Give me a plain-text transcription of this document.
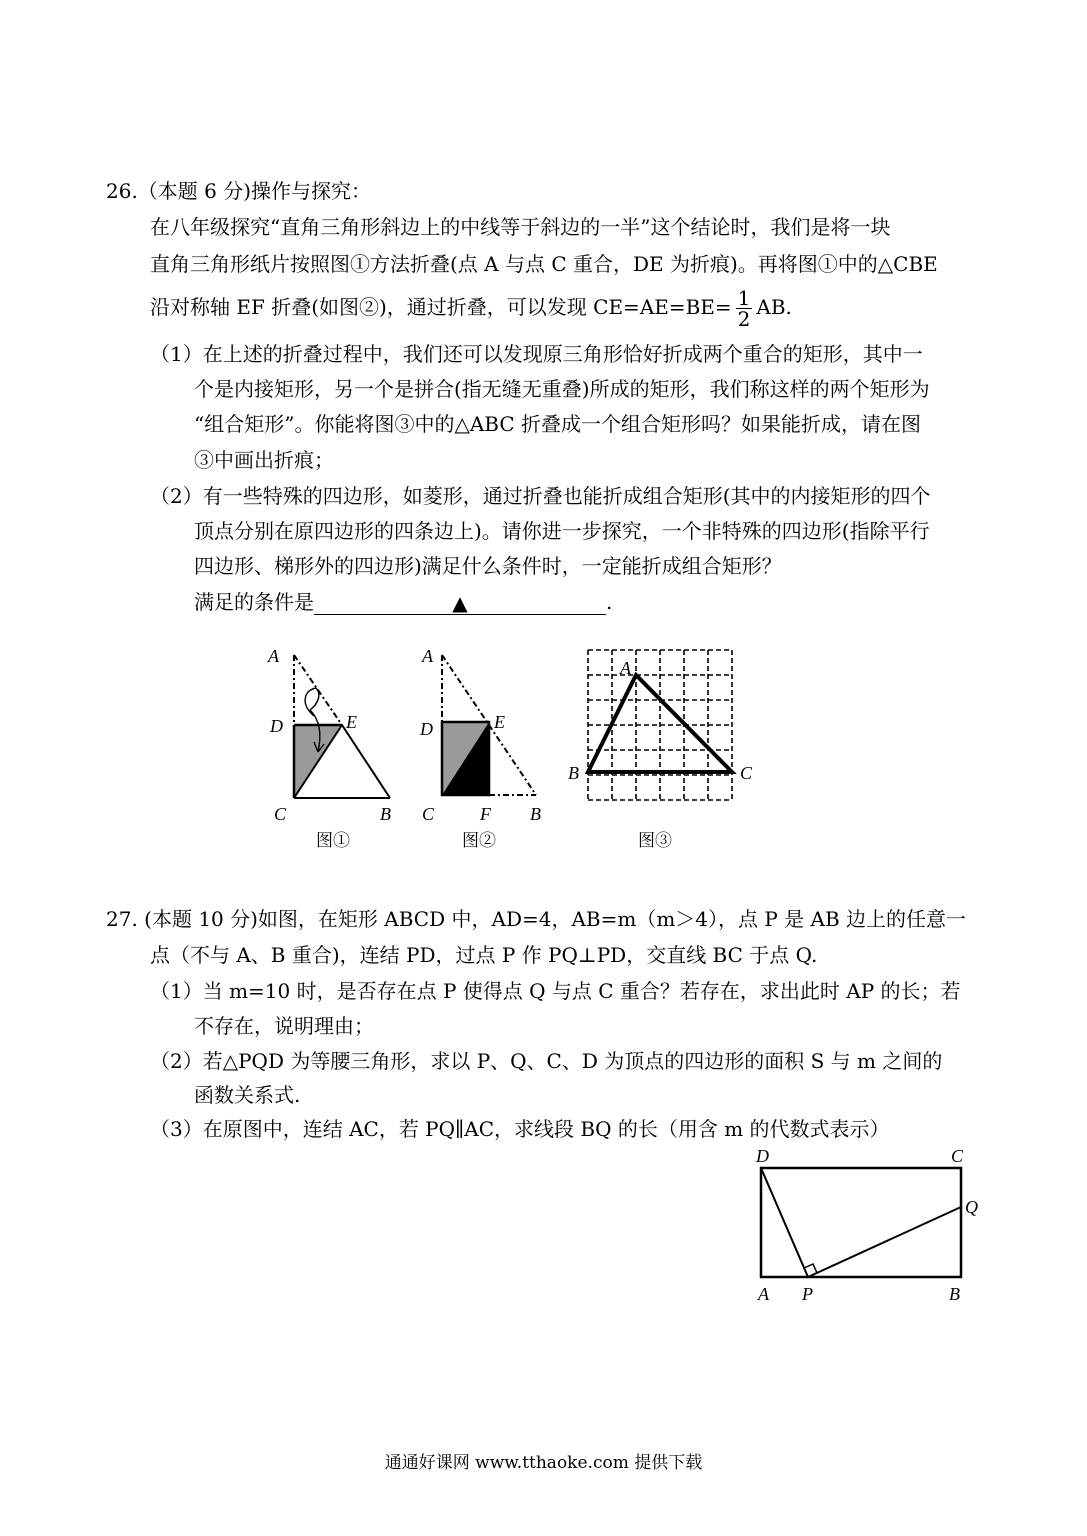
26.（本题 6 分)操作与探究：
在八年级探究“直角三角形斜边上的中线等于斜边的一半”这个结论时，我们是将一块
直角三角形纸片按照图①方法折叠(点 A 与点 C 重合，DE 为折痕)。再将图①中的△CBE
沿对称轴 EF 折叠(如图②)，通过折叠，可以发现 $CE=AE=BE= \frac{1}{2}$ AB.
（1）在上述的折叠过程中，我们还可以发现原三角形恰好折成两个重合的矩形，其中一
个是内接矩形，另一个是拼合(指无缝无重叠)所成的矩形，我们称这样的两个矩形为
“组合矩形”。你能将图③中的△ABC 折叠成一个组合矩形吗？如果能折成，请在图
③中画出折痕；
（2）有一些特殊的四边形，如菱形，通过折叠也能折成组合矩形(其中的内接矩形的四个
顶点分别在原四边形的四条边上)。请你进一步探究，一个非特殊的四边形(指除平行
四边形、梯形外的四边形)满足什么条件时，一定能折成组合矩形？
满足的条件是	▲	.
A
D	E
C	B
图①
A
D	E
C	F B
图②
A
B	C
图③
27. (本题 10 分)如图，在矩形 ABCD 中，AD=4，AB=m（m＞4），点 P 是 AB 边上的任意一
点（不与 A、B 重合)，连结 PD，过点 P 作 PQ⊥PD，交直线 BC 于点 Q.
（1）当 m=10 时，是否存在点 P 使得点 Q 与点 C 重合？若存在，求出此时 AP 的长；若
不存在，说明理由；
（2）若△PQD 为等腰三角形，求以 P、Q、C、D 为顶点的四边形的面积 S 与 m 之间的
函数关系式.
（3）在原图中，连结 AC，若 PQ∥AC，求线段 BQ 的长（用含 m 的代数式表示）
D	C
Q
A P	B
通通好课网 www.tthaoke.com 提供下载
